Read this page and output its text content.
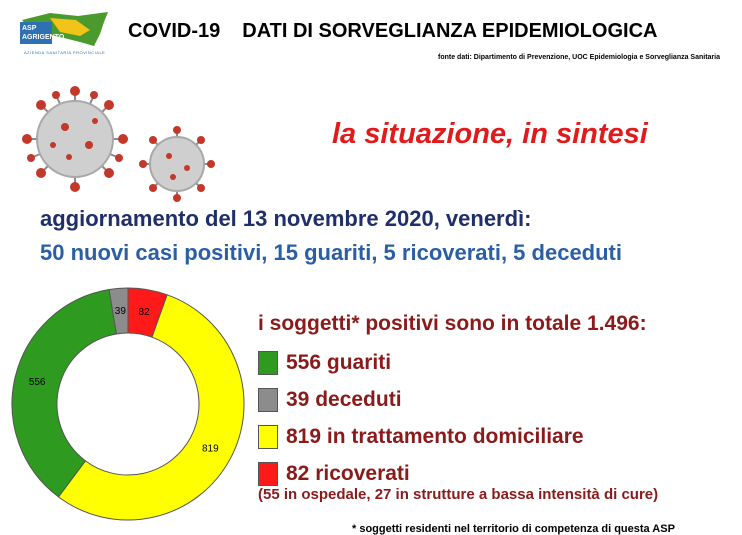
ASP
AGRIGENTO
AZIENDA SANITARIA PROVINCIALE
COVID-19 DATI DI SORVEGLIANZA EPIDEMIOLOGICA
fonte dati: Dipartimento di Prevenzione, UOC Epidemiologia e Sorveglianza Sanitaria
la situazione, in sintesi
aggiornamento del 13 novembre 2020, venerdì:
50 nuovi casi positivi, 15 guariti, 5 ricoverati, 5 deceduti
82
819
556
39
i soggetti* positivi sono in totale 1.496:
556 guariti
39 deceduti
819 in trattamento domiciliare
82 ricoverati
(55 in ospedale, 27 in strutture a bassa intensità di cure)
* soggetti residenti nel territorio di competenza di questa ASP
